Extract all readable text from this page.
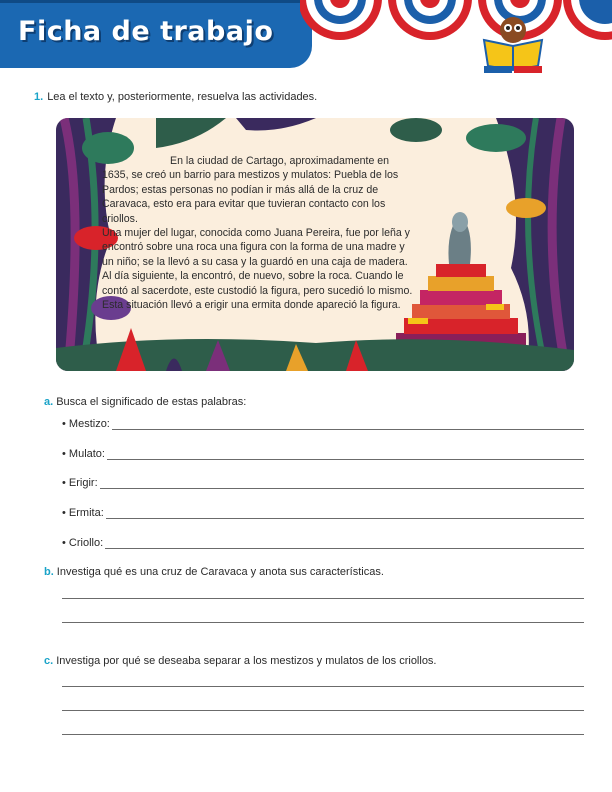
Ficha de trabajo
1. Lea el texto y, posteriormente, resuelva las actividades.

En la ciudad de Cartago, aproximadamente en 1635, se creó un barrio para mestizos y mulatos: Puebla de los Pardos; estas personas no podían ir más allá de la cruz de Caravaca, esto era para evitar que tuvieran contacto con los criollos.

Una mujer del lugar, conocida como Juana Pereira, fue por leña y encontró sobre una roca una figura con la forma de una madre y un niño; se la llevó a su casa y la guardó en una caja de madera. Al día siguiente, la encontró, de nuevo, sobre la roca. Cuando le contó al sacerdote, este custodió la figura, pero sucedió lo mismo. Esta situación llevó a erigir una ermita donde apareció la figura.

a. Busca el significado de estas palabras:
• Mestizo:
• Mulato:
• Erigir:
• Ermita:
• Criollo:
b. Investiga qué es una cruz de Caravaca y anota sus características.
c. Investiga por qué se deseaba separar a los mestizos y mulatos de los criollos.
